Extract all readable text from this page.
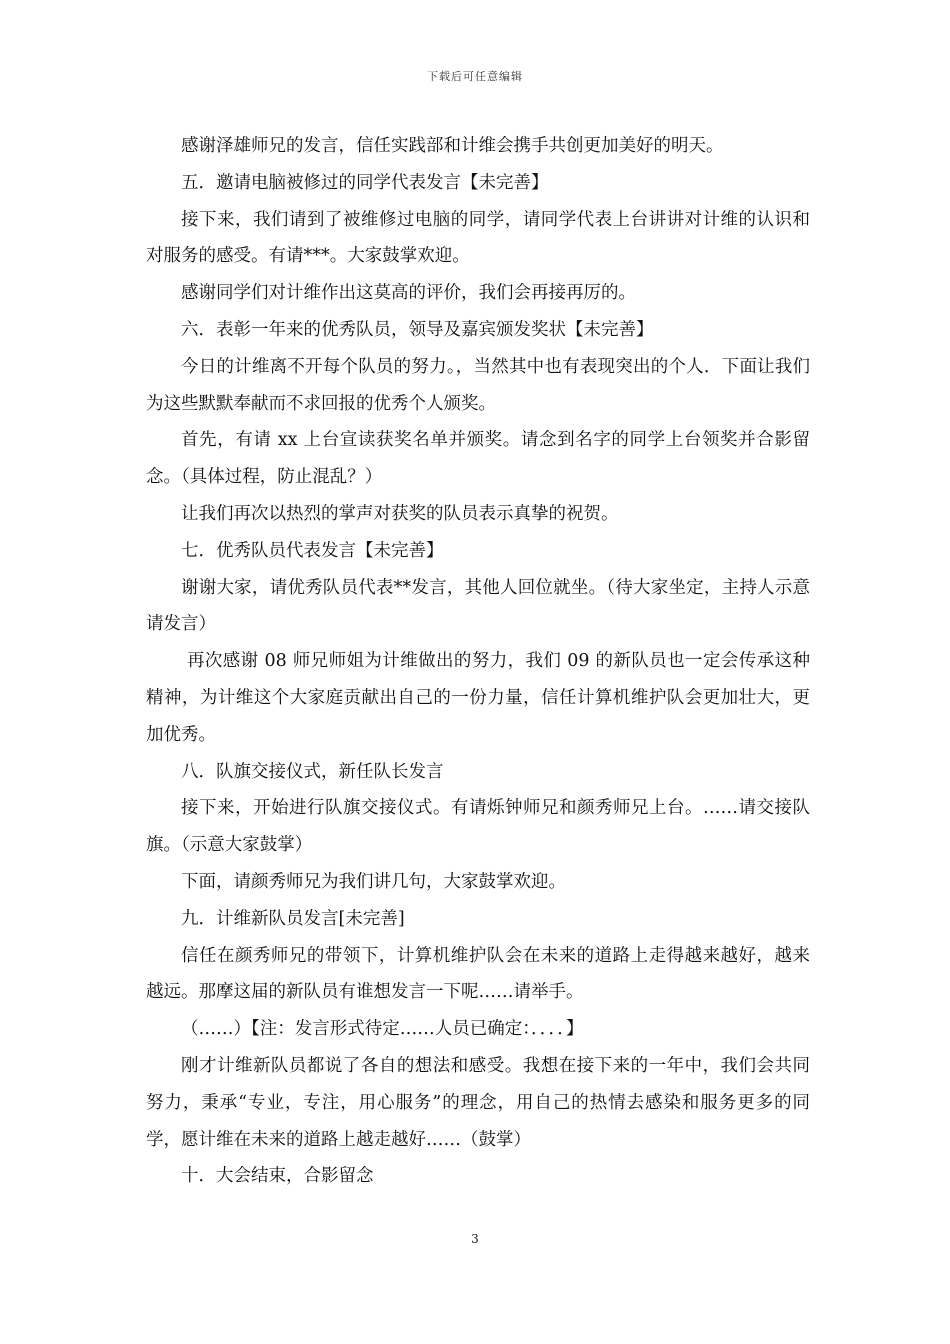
下载后可任意编辑

感谢泽雄师兄的发言，信任实践部和计维会携手共创更加美好的明天。

五．邀请电脑被修过的同学代表发言【未完善】

接下来，我们请到了被维修过电脑的同学，请同学代表上台讲讲对计维的认识和对服务的感受。有请***。大家鼓掌欢迎。

感谢同学们对计维作出这莫高的评价，我们会再接再厉的。

六．表彰一年来的优秀队员，领导及嘉宾颁发奖状【未完善】

今日的计维离不开每个队员的努力。，当然其中也有表现突出的个人．下面让我们为这些默默奉献而不求回报的优秀个人颁奖。

首先，有请 xx 上台宣读获奖名单并颁奖。请念到名字的同学上台领奖并合影留念。（具体过程，防止混乱？）

让我们再次以热烈的掌声对获奖的队员表示真挚的祝贺。

七．优秀队员代表发言【未完善】

谢谢大家，请优秀队员代表**发言，其他人回位就坐。（待大家坐定，主持人示意请发言）

再次感谢 08 师兄师姐为计维做出的努力，我们 09 的新队员也一定会传承这种精神，为计维这个大家庭贡献出自己的一份力量，信任计算机维护队会更加壮大，更加优秀。

八．队旗交接仪式，新任队长发言

接下来，开始进行队旗交接仪式。有请烁钟师兄和颜秀师兄上台。……请交接队旗。（示意大家鼓掌）

下面，请颜秀师兄为我们讲几句，大家鼓掌欢迎。

九．计维新队员发言[未完善]

信任在颜秀师兄的带领下，计算机维护队会在未来的道路上走得越来越好，越来越远。那摩这届的新队员有谁想发言一下呢……请举手。

（……）【注：发言形式待定……人员已确定：．．．．】

刚才计维新队员都说了各自的想法和感受。我想在接下来的一年中，我们会共同努力，秉承“专业，专注，用心服务”的理念，用自己的热情去感染和服务更多的同学，愿计维在未来的道路上越走越好……（鼓掌）

十．大会结束，合影留念

3
